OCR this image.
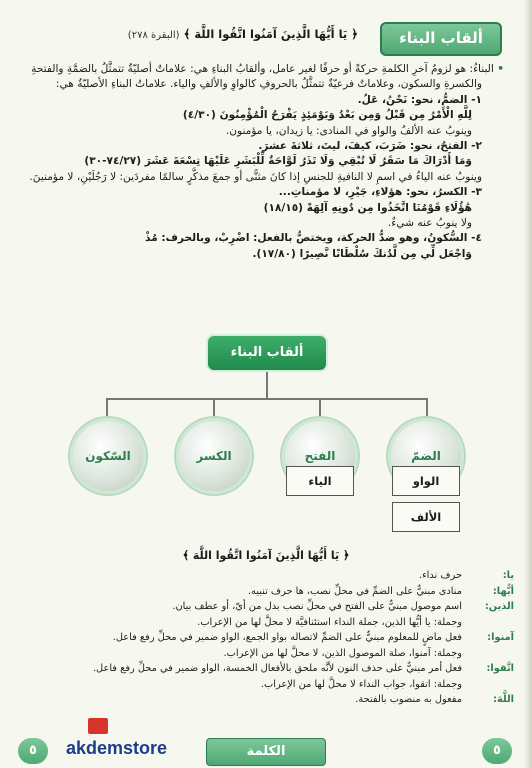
ألقاب البناء
﴿ يَا أَيُّهَا الَّذِينَ آمَنُوا اتَّقُوا اللَّهَ ﴾ (البقرة ٢٧٨)

• البناءُ: هو لزومُ آخرِ الكلمةِ حركةً أو حرفًا لغير عامل، وألقابُ البناءِ هي: علاماتٌ أصليّةٌ تتمثَّلُ بالضمَّةِ والفتحةِ

والكسرةِ والسكون، وعلاماتٌ فرعيّةٌ تتمثَّلُ بالحروفِ كالواوِ والألفِ والياء. علاماتُ البناءِ الأصليّةُ هي:

١- الضمُّ، نحو: نَحْنُ، عَلُ.

لِلَّهِ الْأَمْرُ مِن قَبْلُ وَمِن بَعْدُ وَيَوْمَئِذٍ يَفْرَحُ الْمُؤْمِنُونَ (٤/٣٠)

وينوبُ عنه الألفُ والواو في المنادى: يا زيدان، يا مؤمنون.

٢- الفتحُ، نحو: ضَرَبَ، كيفَ، ليتَ، ثلاثةَ عشرَ.

وَمَا أَدْرَاكَ مَا سَقَرُ لَا تُبْقِي وَلَا تَذَرُ لَوَّاحَةٌ لِّلْبَشَرِ عَلَيْهَا تِسْعَةَ عَشَرَ (٧٤/٢٧-٣٠)

وينوبُ عنه الياءُ في اسمِ لا النافيةِ للجنسِ إذا كانَ مثنًّى أو جمعَ مذكَّرٍ سالمًا مفردَين: لا رَجُلَيْنِ، لا مؤمنينَ.

٣- الكسرُ، نحو: هؤلاءِ، جَيْرِ، لا مؤمناتِ...

هَٰؤُلَاءِ قَوْمُنَا اتَّخَذُوا مِن دُونِهِ آلِهَةً (١٨/١٥)

ولا ينوبُ عنه شيءٌ.

٤- السُّكونُ، وهو ضدُّ الحركة، ويختصُّ بالفعل: اضْرِبْ، وبالحرف: مُذْ

وَاجْعَل لِّي مِن لَّدُنكَ سُلْطَانًا نَّصِيرًا (١٧/٨٠).

ألقاب البناء
الضمّ
الفتح
الكسر
السّكون
الواو
الألف
الياء
﴿ يَا أَيُّهَا الَّذِينَ آمَنُوا اتَّقُوا اللَّهَ ﴾
يا:
حرف نداء.
أيُّها:
منادى مبنيٌّ على الضمِّ في محلِّ نصب، ها حرف تنبيه.
الذين:
اسم موصول مبنيٌّ على الفتح في محلِّ نصب بدل من أيّ، أو عطف بيان.
وجملة: يا أيُّها الذين، جملة النداء استئنافيَّة لا محلَّ لها من الإعراب.
آمنوا:
فعل ماضٍ للمعلوم مبنيٌّ على الضمِّ لاتصاله بواو الجمع، الواو ضمير في محلِّ رفع فاعل.
وجملة: آمنوا، صلة الموصول الذين، لا محلَّ لها من الإعراب.
اتَّقوا:
فعل أمر مبنيٌّ على حذف النون لأنَّه ملحق بالأفعال الخمسة، الواو ضمير في محلِّ رفع فاعل.
وجملة: اتقوا، جواب النداء لا محلَّ لها من الإعراب.
اللَّهَ:
مفعول به منصوب بالفتحة.
٥
الكلمة
akdemstore
٥
